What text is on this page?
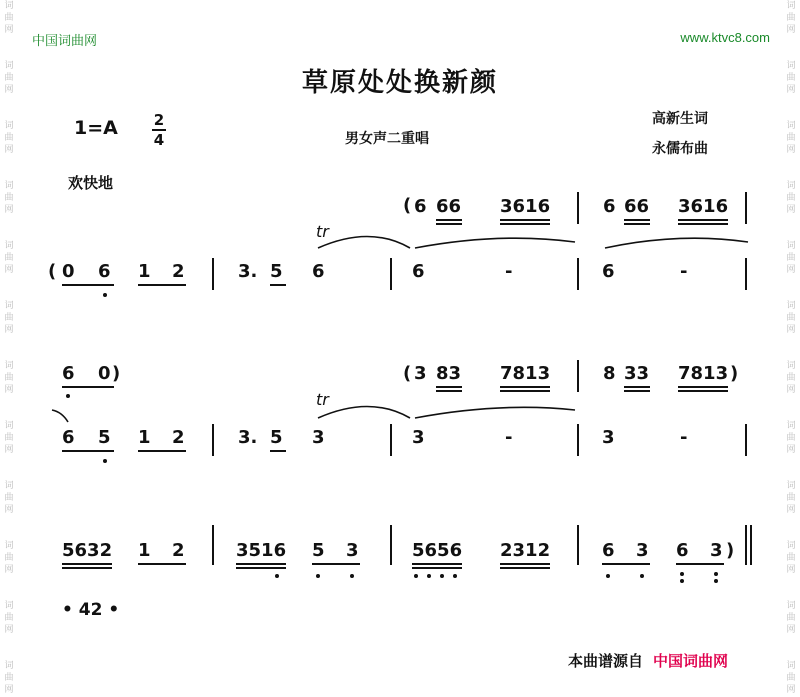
词
曲
网
词
曲
网
词
曲
网
词
曲
网
词
曲
网
词
曲
网
词
曲
网
词
曲
网
词
曲
网
词
曲
网
词
曲
网
词
曲
网
词
曲
网
词
曲
网
词
曲
网
词
曲
网
词
曲
网
词
曲
网
词
曲
网
词
曲
网
词
曲
网
词
曲
网
词
曲
网
词
曲
网
中国词曲网	www.ktvc8.com
草原处处换新颜
1=A 2
4	男女声二重唱
高新生词
永儒布曲
欢快地
( 6 66 3616	6 66 3616
( 0 6 1 2	3. 5 6
tr
6	-	6	-
6 0 )	( 3 83 7813	8 33 7813 )
6 5 1 2	3. 5 3
tr
3	-	3	-
5632 1 2	3516 5 3	5656 2312	6 3 6 3 )
• 42 •
本曲谱源自 中国词曲网
